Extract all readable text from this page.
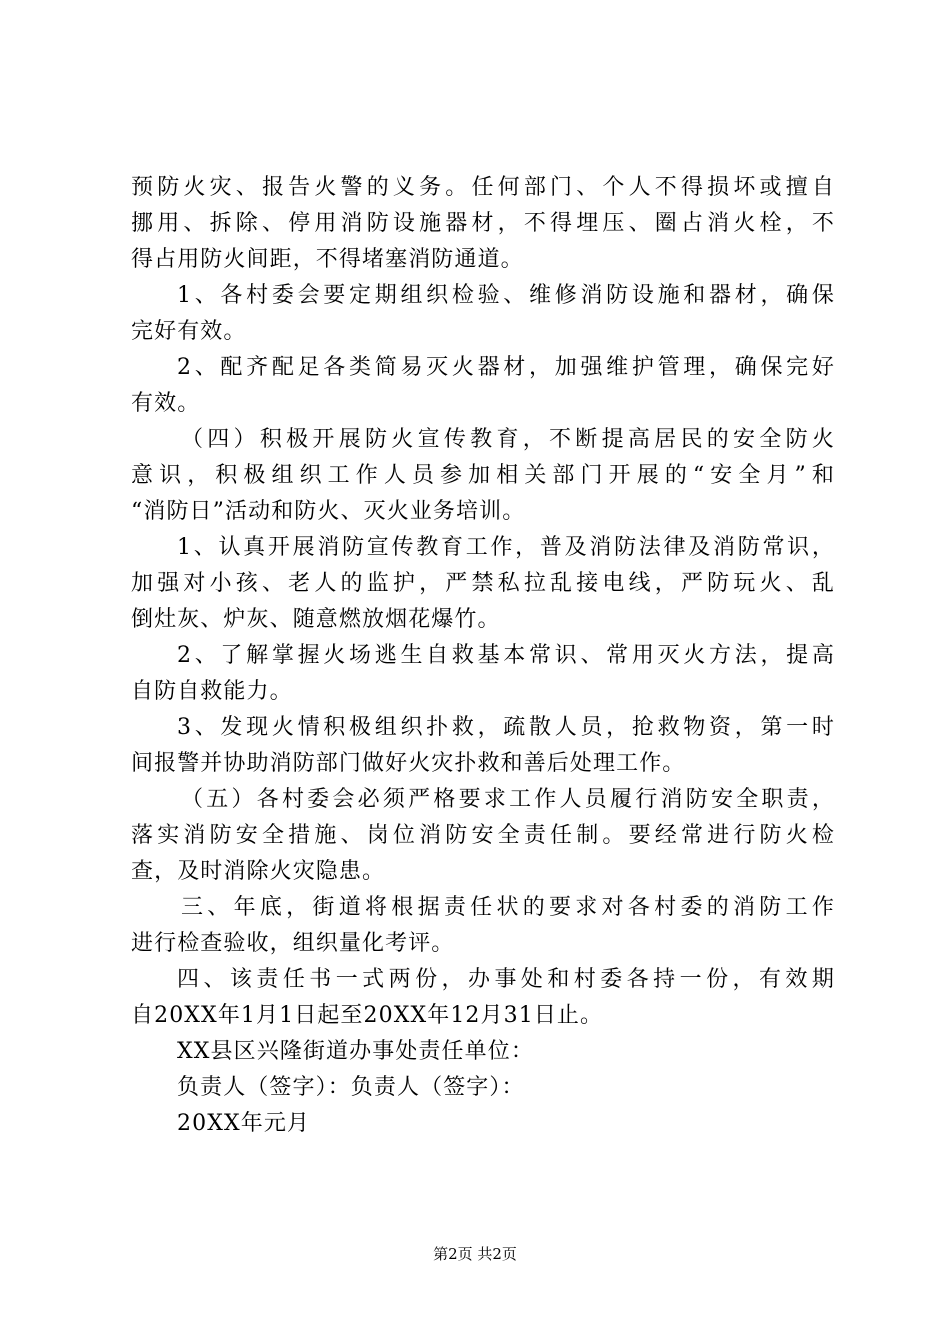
预防火灾、报告火警的义务。任何部门、个人不得损坏或擅自
挪用、拆除、停用消防设施器材，不得埋压、圈占消火栓，不
得占用防火间距，不得堵塞消防通道。
1、各村委会要定期组织检验、维修消防设施和器材，确保
完好有效。
2、配齐配足各类简易灭火器材，加强维护管理，确保完好
有效。
（四）积极开展防火宣传教育，不断提高居民的安全防火
意识，积极组织工作人员参加相关部门开展的“安全月”和
“消防日”活动和防火、灭火业务培训。
1、认真开展消防宣传教育工作，普及消防法律及消防常识，
加强对小孩、老人的监护，严禁私拉乱接电线，严防玩火、乱
倒灶灰、炉灰、随意燃放烟花爆竹。
2、了解掌握火场逃生自救基本常识、常用灭火方法，提高
自防自救能力。
3、发现火情积极组织扑救，疏散人员，抢救物资，第一时
间报警并协助消防部门做好火灾扑救和善后处理工作。
（五）各村委会必须严格要求工作人员履行消防安全职责，
落实消防安全措施、岗位消防安全责任制。要经常进行防火检
查，及时消除火灾隐患。
三、年底，街道将根据责任状的要求对各村委的消防工作
进行检查验收，组织量化考评。
四、该责任书一式两份，办事处和村委各持一份，有效期
自20XX年1月1日起至20XX年12月31日止。
XX县区兴隆街道办事处责任单位：
负责人（签字）：负责人（签字）：
20XX年元月
第2页 共2页
